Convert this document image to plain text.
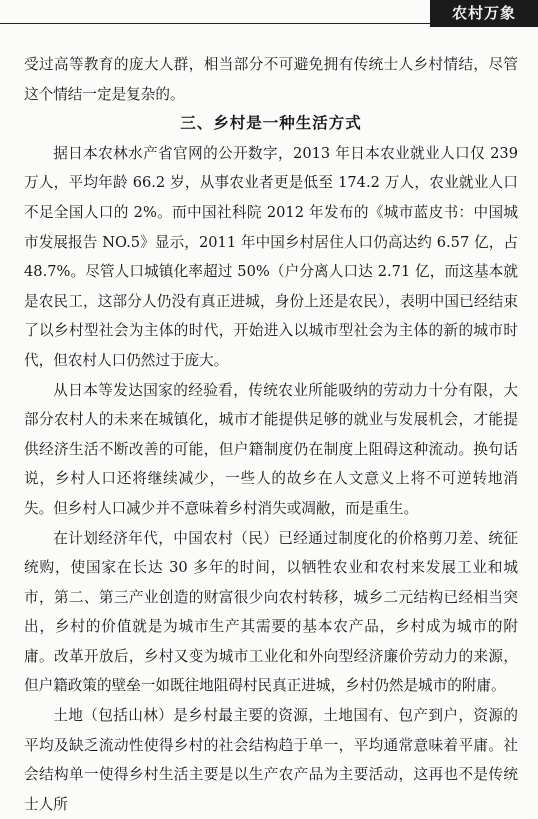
农村万象

受过高等教育的庞大人群，相当部分不可避免拥有传统士人乡村情结，尽管这个情结一定是复杂的。

三、乡村是一种生活方式

据日本农林水产省官网的公开数字，2013 年日本农业就业人口仅 239 万人，平均年龄 66.2 岁，从事农业者更是低至 174.2 万人，农业就业人口不足全国人口的 2%。而中国社科院 2012 年发布的《城市蓝皮书：中国城市发展报告 NO.5》显示，2011 年中国乡村居住人口仍高达约 6.57 亿，占 48.7%。尽管人口城镇化率超过 50%（户分离人口达 2.71 亿，而这基本就是农民工，这部分人仍没有真正进城，身份上还是农民），表明中国已经结束了以乡村型社会为主体的时代，开始进入以城市型社会为主体的新的城市时代，但农村人口仍然过于庞大。

从日本等发达国家的经验看，传统农业所能吸纳的劳动力十分有限，大部分农村人的未来在城镇化，城市才能提供足够的就业与发展机会，才能提供经济生活不断改善的可能，但户籍制度仍在制度上阻碍这种流动。换句话说，乡村人口还将继续减少，一些人的故乡在人文意义上将不可逆转地消失。但乡村人口减少并不意味着乡村消失或凋敝，而是重生。

在计划经济年代，中国农村（民）已经通过制度化的价格剪刀差、统征统购，使国家在长达 30 多年的时间，以牺牲农业和农村来发展工业和城市，第二、第三产业创造的财富很少向农村转移，城乡二元结构已经相当突出，乡村的价值就是为城市生产其需要的基本农产品，乡村成为城市的附庸。改革开放后，乡村又变为城市工业化和外向型经济廉价劳动力的来源，但户籍政策的壁垒一如既往地阻碍村民真正进城，乡村仍然是城市的附庸。

土地（包括山林）是乡村最主要的资源，土地国有、包产到户，资源的平均及缺乏流动性使得乡村的社会结构趋于单一，平均通常意味着平庸。社会结构单一使得乡村生活主要是以生产农产品为主要活动，这再也不是传统士人所
